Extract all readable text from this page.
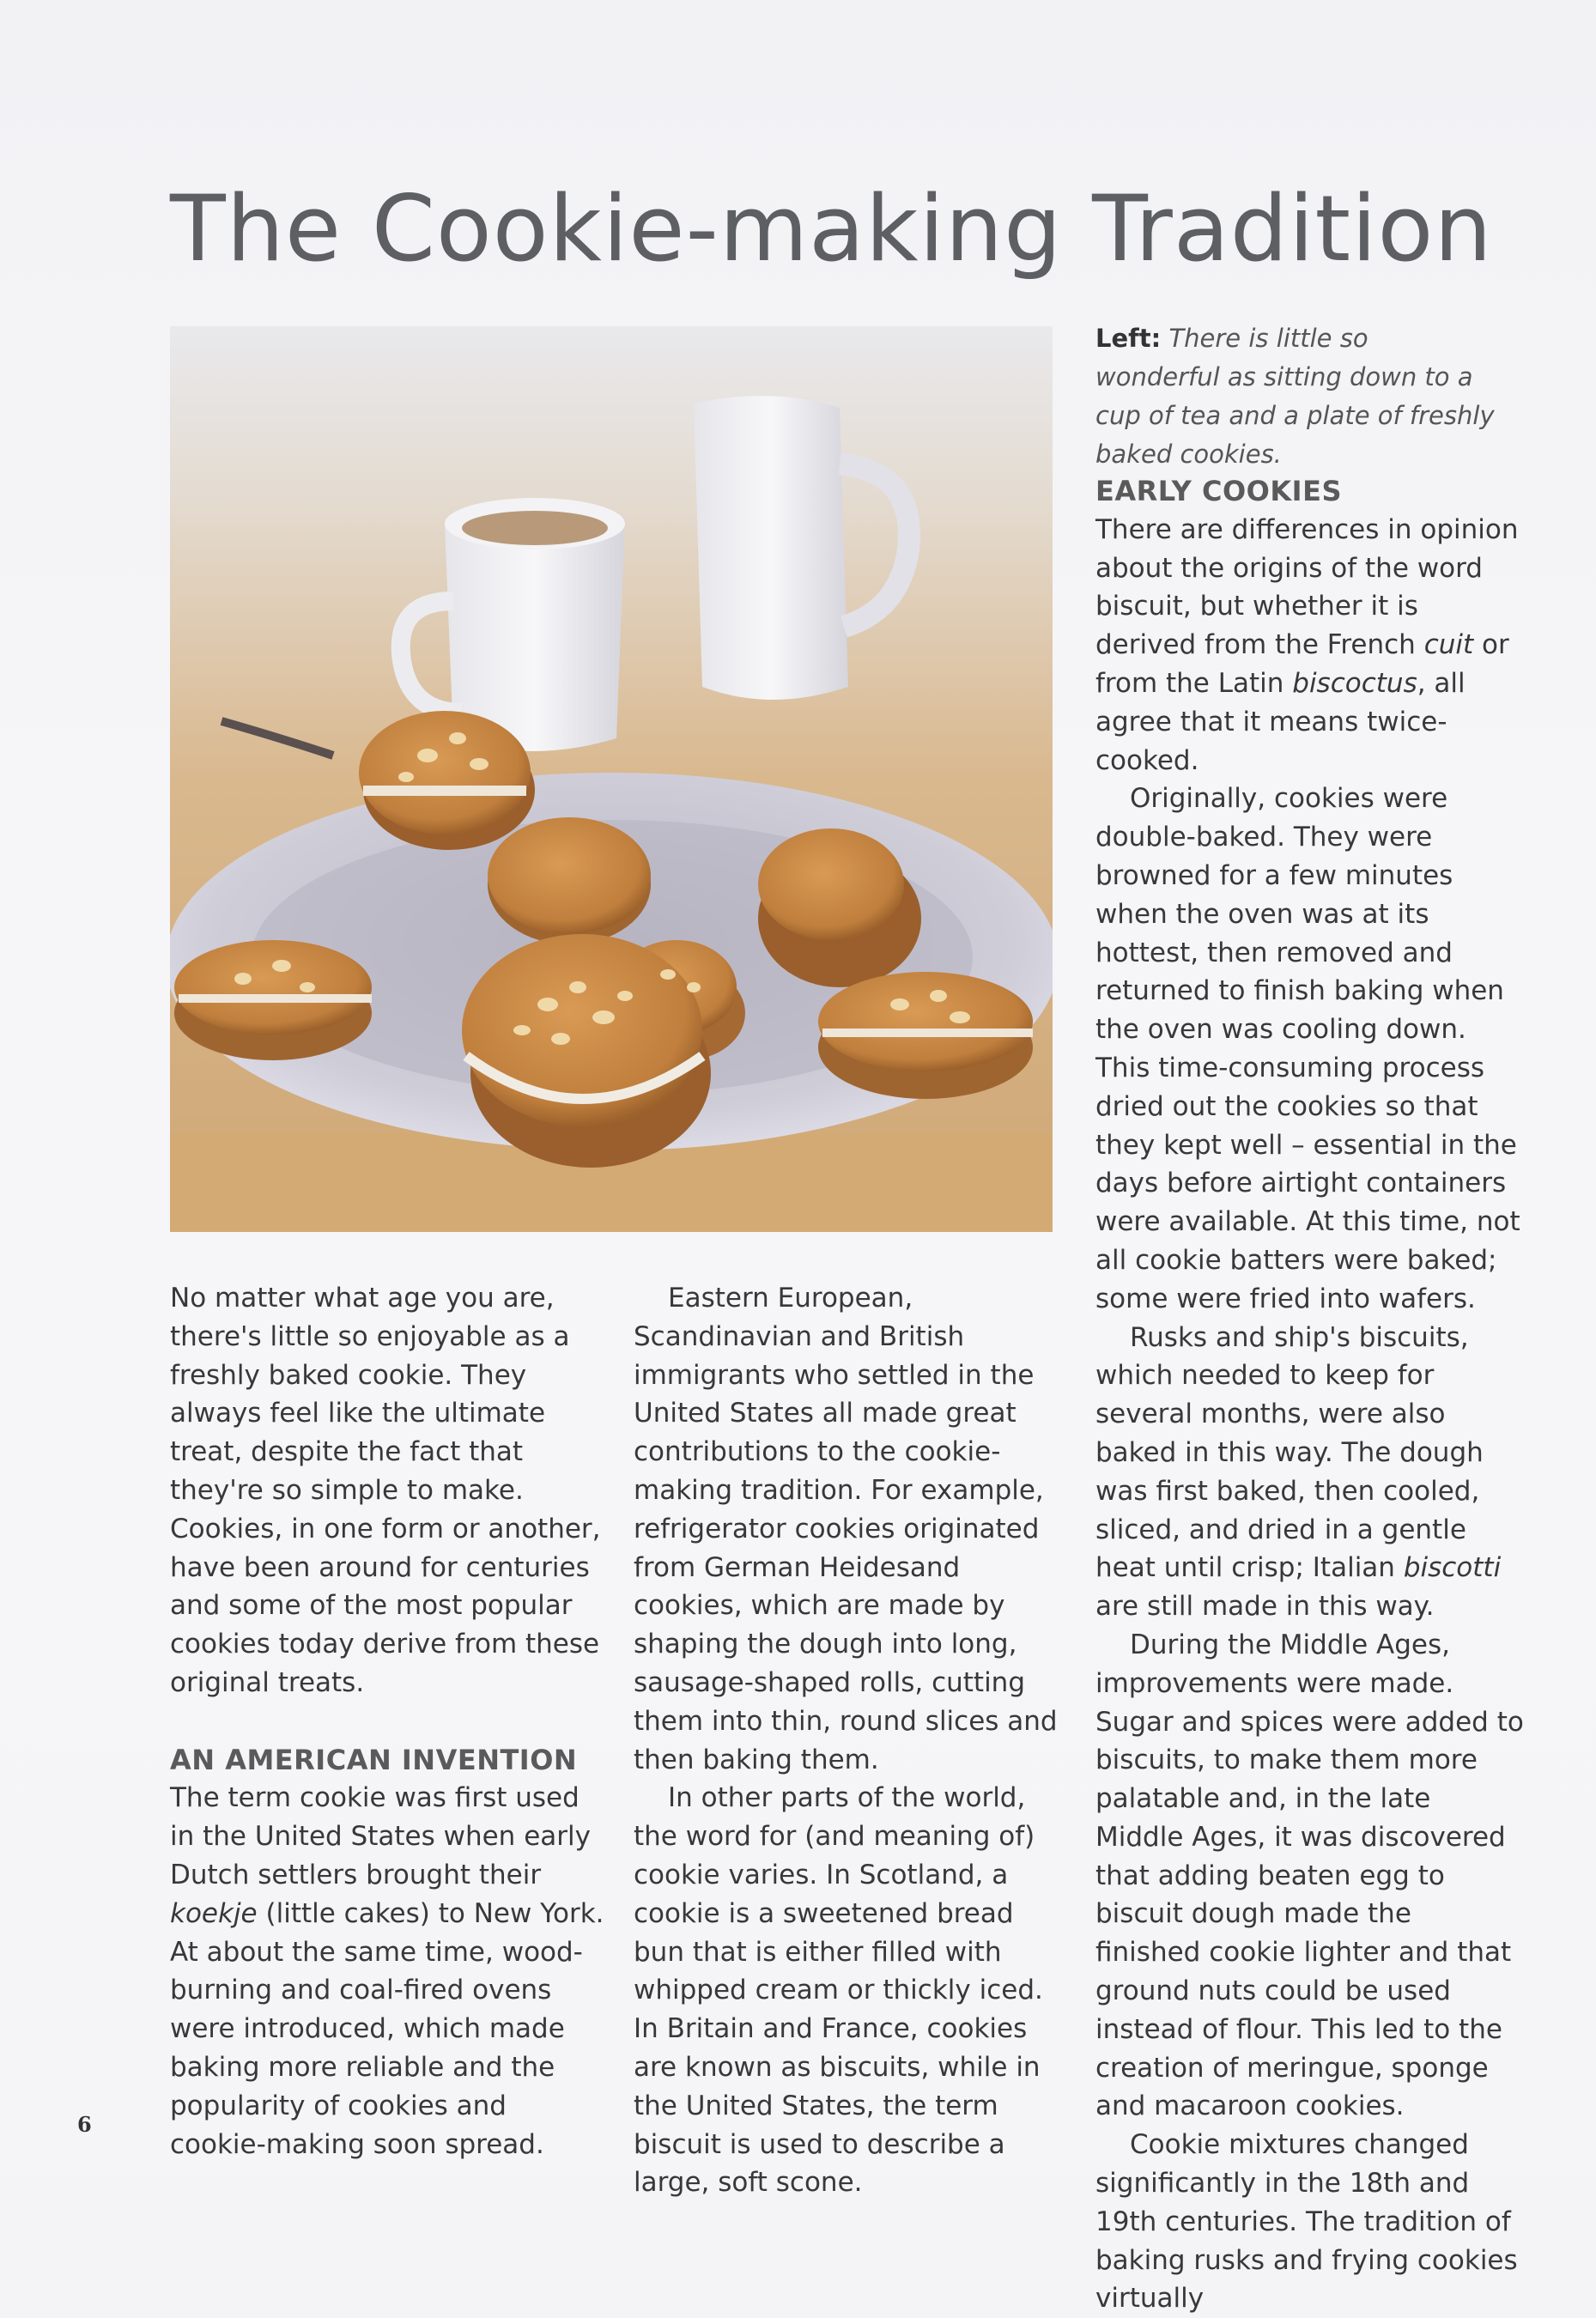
The Cookie-making Tradition
Left: There is little so wonderful as sitting down to a cup of tea and a plate of freshly baked cookies.

No matter what age you are, there's little so enjoyable as a freshly baked cookie. They always feel like the ultimate treat, despite the fact that they're so simple to make. Cookies, in one form or another, have been around for centuries and some of the most popular cookies today derive from these original treats.

AN AMERICAN INVENTION

The term cookie was first used in the United States when early Dutch settlers brought their koekje (little cakes) to New York. At about the same time, wood-burning and coal-fired ovens were introduced, which made baking more reliable and the popularity of cookies and cookie-making soon spread.

Eastern European, Scandinavian and British immigrants who settled in the United States all made great contributions to the cookie-making tradition. For example, refrigerator cookies originated from German Heidesand cookies, which are made by shaping the dough into long, sausage-shaped rolls, cutting them into thin, round slices and then baking them.

In other parts of the world, the word for (and meaning of) cookie varies. In Scotland, a cookie is a sweetened bread bun that is either filled with whipped cream or thickly iced. In Britain and France, cookies are known as biscuits, while in the United States, the term biscuit is used to describe a large, soft scone.

EARLY COOKIES

There are differences in opinion about the origins of the word biscuit, but whether it is derived from the French cuit or from the Latin biscoctus, all agree that it means twice-cooked.

Originally, cookies were double-baked. They were browned for a few minutes when the oven was at its hottest, then removed and returned to finish baking when the oven was cooling down. This time-consuming process dried out the cookies so that they kept well – essential in the days before airtight containers were available. At this time, not all cookie batters were baked; some were fried into wafers.

Rusks and ship's biscuits, which needed to keep for several months, were also baked in this way. The dough was first baked, then cooled, sliced, and dried in a gentle heat until crisp; Italian biscotti are still made in this way.

During the Middle Ages, improvements were made. Sugar and spices were added to biscuits, to make them more palatable and, in the late Middle Ages, it was discovered that adding beaten egg to biscuit dough made the finished cookie lighter and that ground nuts could be used instead of flour. This led to the creation of meringue, sponge and macaroon cookies.

Cookie mixtures changed significantly in the 18th and 19th centuries. The tradition of baking rusks and frying cookies virtually

6
